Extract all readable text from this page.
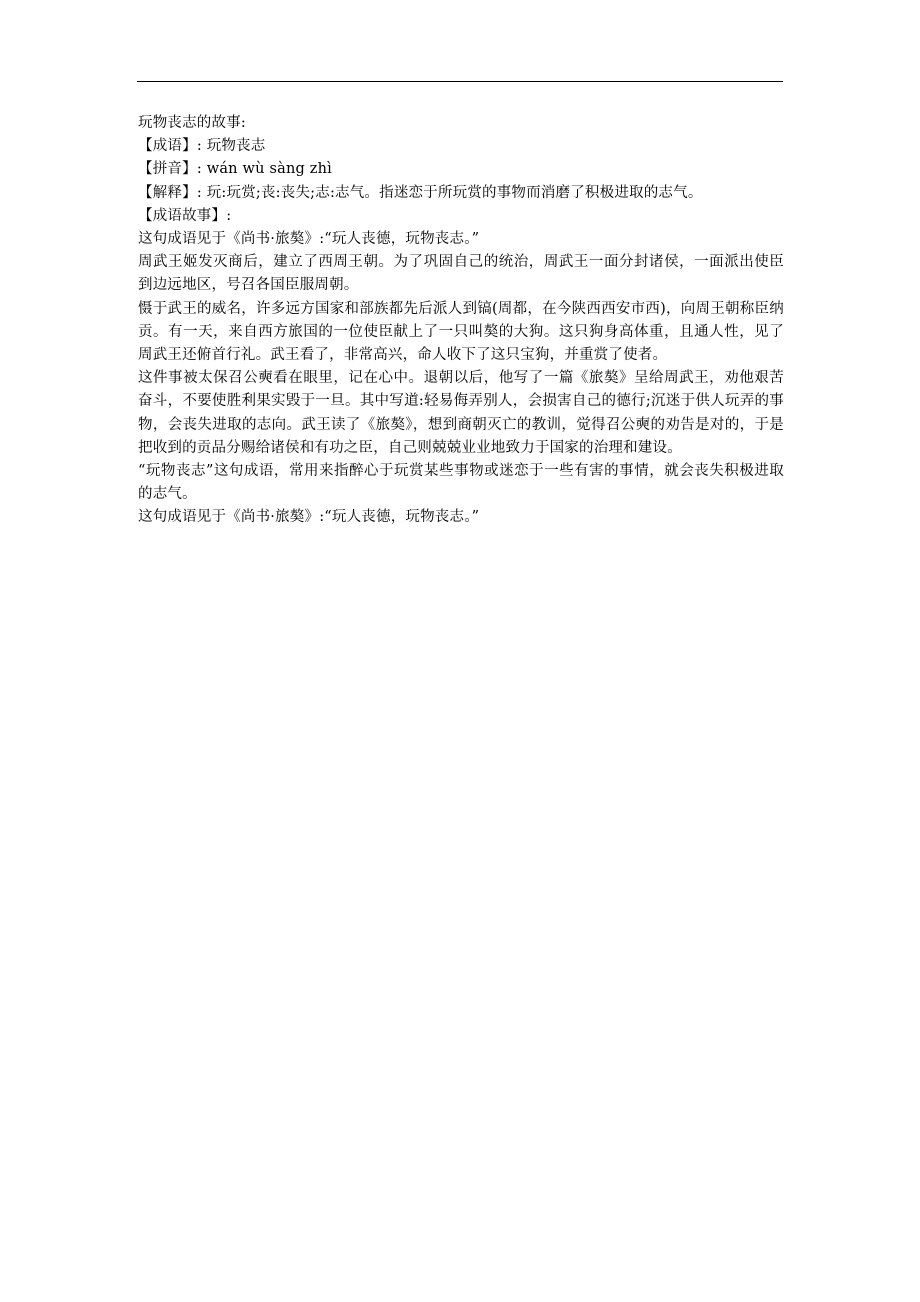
玩物丧志的故事:
【成语】: 玩物丧志
【拼音】: wán wù sàng zhì
【解释】: 玩:玩赏;丧:丧失;志:志气。指迷恋于所玩赏的事物而消磨了积极进取的志气。
【成语故事】:
这句成语见于《尚书·旅獒》:“玩人丧德，玩物丧志。”
周武王姬发灭商后，建立了西周王朝。为了巩固自己的统治，周武王一面分封诸侯，一面派出使臣到边远地区，号召各国臣服周朝。
慑于武王的威名，许多远方国家和部族都先后派人到镐(周都，在今陕西西安市西)，向周王朝称臣纳贡。有一天，来自西方旅国的一位使臣献上了一只叫獒的大狗。这只狗身高体重，且通人性，见了周武王还俯首行礼。武王看了，非常高兴，命人收下了这只宝狗，并重赏了使者。
这件事被太保召公奭看在眼里，记在心中。退朝以后，他写了一篇《旅獒》呈给周武王，劝他艰苦奋斗，不要使胜利果实毁于一旦。其中写道:轻易侮弄别人，会损害自己的德行;沉迷于供人玩弄的事物，会丧失进取的志向。武王读了《旅獒》，想到商朝灭亡的教训，觉得召公奭的劝告是对的，于是把收到的贡品分赐给诸侯和有功之臣，自己则兢兢业业地致力于国家的治理和建设。
“玩物丧志”这句成语，常用来指醉心于玩赏某些事物或迷恋于一些有害的事情，就会丧失积极进取的志气。
这句成语见于《尚书·旅獒》:“玩人丧德，玩物丧志。”
